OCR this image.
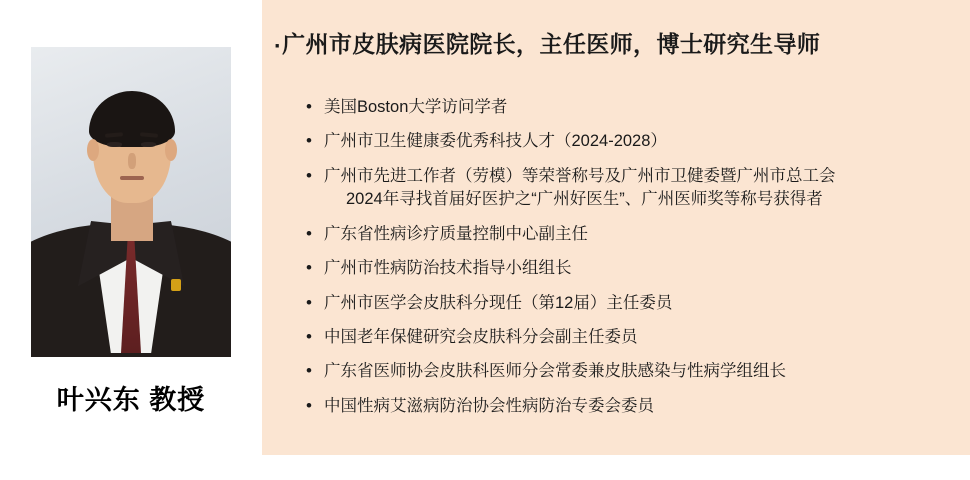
叶兴东 教授
·广州市皮肤病医院院长，主任医师，博士研究生导师
• 美国Boston大学访问学者
• 广州市卫生健康委优秀科技人才（2024-2028）
• 广州市先进工作者（劳模）等荣誉称号及广州市卫健委暨广州市总工会
2024年寻找首届好医护之“广州好医生”、广州医师奖等称号获得者
• 广东省性病诊疗质量控制中心副主任
• 广州市性病防治技术指导小组组长
• 广州市医学会皮肤科分现任（第12届）主任委员
• 中国老年保健研究会皮肤科分会副主任委员
• 广东省医师协会皮肤科医师分会常委兼皮肤感染与性病学组组长
• 中国性病艾滋病防治协会性病防治专委会委员
